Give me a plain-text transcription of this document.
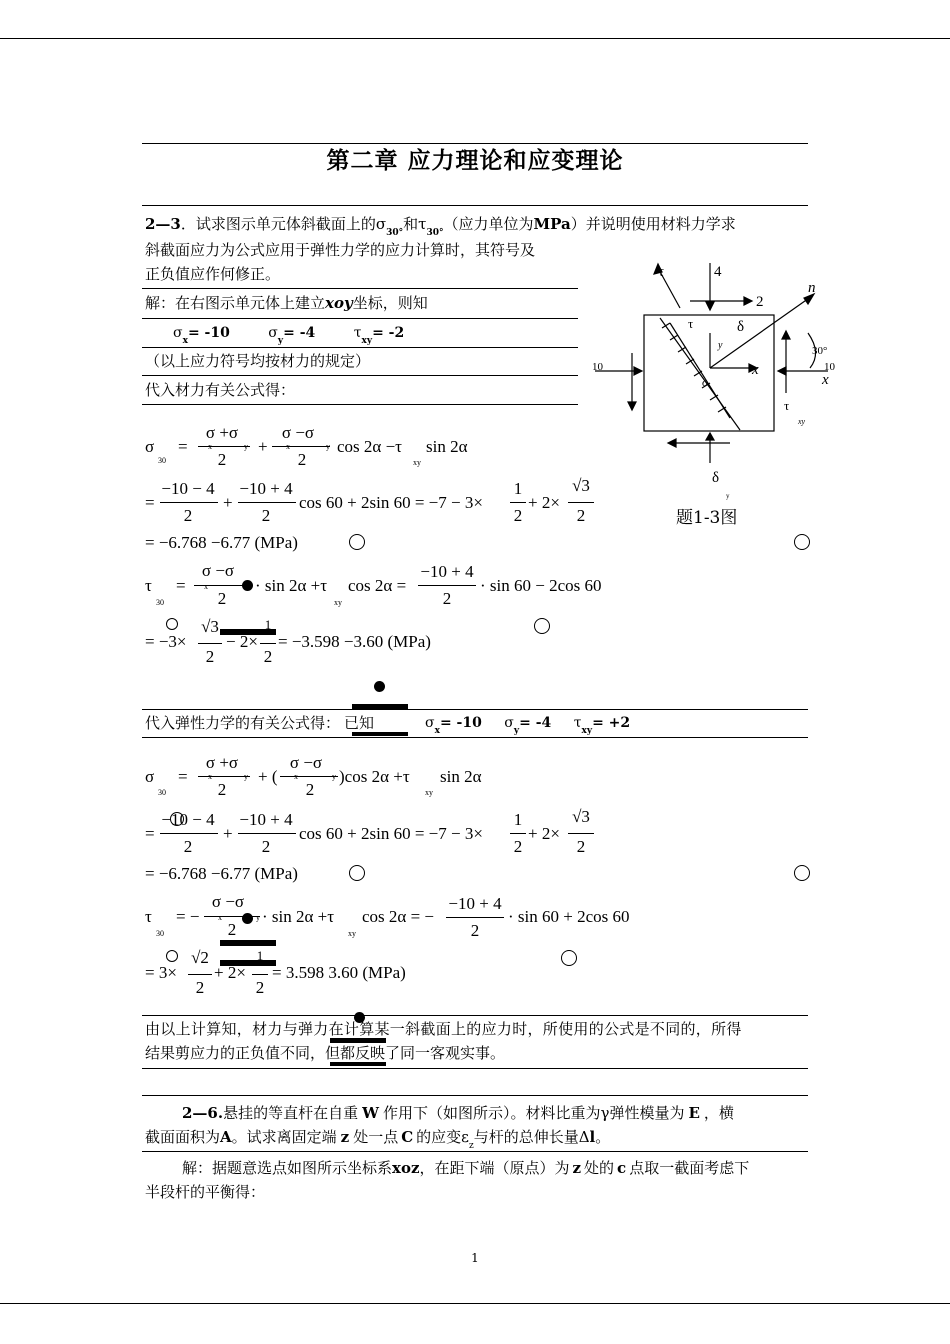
第二章 应力理论和应变理论
2—3．试求图示单元体斜截面上的$\sigma_{30^\circ}$和$\tau_{30^\circ}$（应力单位为MPa）并说明使用材料力学求
斜截面应力为公式应用于弹性力学的应力计算时，其符号及
正负值应作何修正。
解：在右图示单元体上建立xoy坐标，则知
$\sigma_x= -10$	$\sigma_y= -4$	$\tau_{xy}= -2$
（以上应力符号均按材力的规定）
代入材力有关公式得：
τ	4
2
n
x
x
o
10	10
30°
δ
τ
y
τ
xy
δ
y
题1-3图
σ
30
=
σ +σ
x	y
2
+
σ −σ
x	y
2
cos 2α −τ
xy
sin 2α
=
−10 − 4
2
+
−10 + 4
2
cos 60 + 2sin 60 = −7 − 3×
1
2
+ 2×
√3
2
= −6.768 −6.77 (MPa)
τ
30
=
σ −σ
x
2
· sin 2α +τ
xy
cos 2α =
−10 + 4
2
· sin 60 − 2cos 60
= −3×
√3
2
− 2×
1
2
= −3.598 −3.60 (MPa)
代入弹性力学的有关公式得： 已知	$\sigma_x= -10$ $\sigma_y= -4$ $\tau_{xy}= +2$
σ
30
=
σ +σ
x	y
2
+ (
σ −σ
x	y
2
)cos 2α +τ
xy
sin 2α
=
−10 − 4
2
+
−10 + 4
2
cos 60 + 2sin 60 = −7 − 3×
1
2
+ 2×
√3
2
= −6.768 −6.77 (MPa)
τ
30
= −
σ −σ
x	y
2
· sin 2α +τ
xy
cos 2α = −
−10 + 4
2
· sin 60 + 2cos 60
= 3×
√2
2
+ 2×
1
2
= 3.598 3.60 (MPa)
由以上计算知，材力与弹力在计算某一斜截面上的应力时，所使用的公式是不同的，所得
结果剪应力的正负值不同，但都反映了同一客观实事。
2—6.悬挂的等直杆在自重 W 作用下（如图所示）。材料比重为γ弹性模量为 E ，横
截面面积为A。试求离固定端 z 处一点 C 的应变$\varepsilon_z$与杆的总伸长量Δl。
解：据题意选点如图所示坐标系xoz，在距下端（原点）为 z 处的 c 点取一截面考虑下
半段杆的平衡得：
1
